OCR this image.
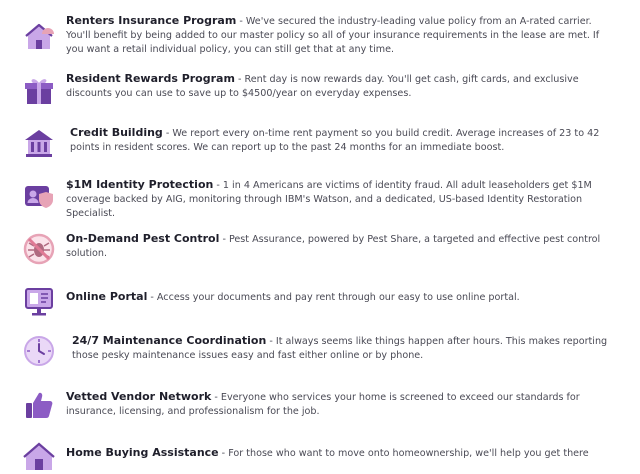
Renters Insurance Program - We've secured the industry-leading value policy from an A-rated carrier. You'll benefit by being added to our master policy so all of your insurance requirements in the lease are met. If you want a retail individual policy, you can still get that at any time.
Resident Rewards Program - Rent day is now rewards day. You'll get cash, gift cards, and exclusive discounts you can use to save up to $4500/year on everyday expenses.
Credit Building - We report every on-time rent payment so you build credit. Average increases of 23 to 42 points in resident scores. We can report up to the past 24 months for an immediate boost.
$1M Identity Protection - 1 in 4 Americans are victims of identity fraud. All adult leaseholders get $1M coverage backed by AIG, monitoring through IBM's Watson, and a dedicated, US-based Identity Restoration Specialist.
On-Demand Pest Control - Pest Assurance, powered by Pest Share, a targeted and effective pest control solution.
Online Portal - Access your documents and pay rent through our easy to use online portal.
24/7 Maintenance Coordination - It always seems like things happen after hours. This makes reporting those pesky maintenance issues easy and fast either online or by phone.
Vetted Vendor Network - Everyone who services your home is screened to exceed our standards for insurance, licensing, and professionalism for the job.
Home Buying Assistance - For those who want to move onto homeownership, we'll help you get there
